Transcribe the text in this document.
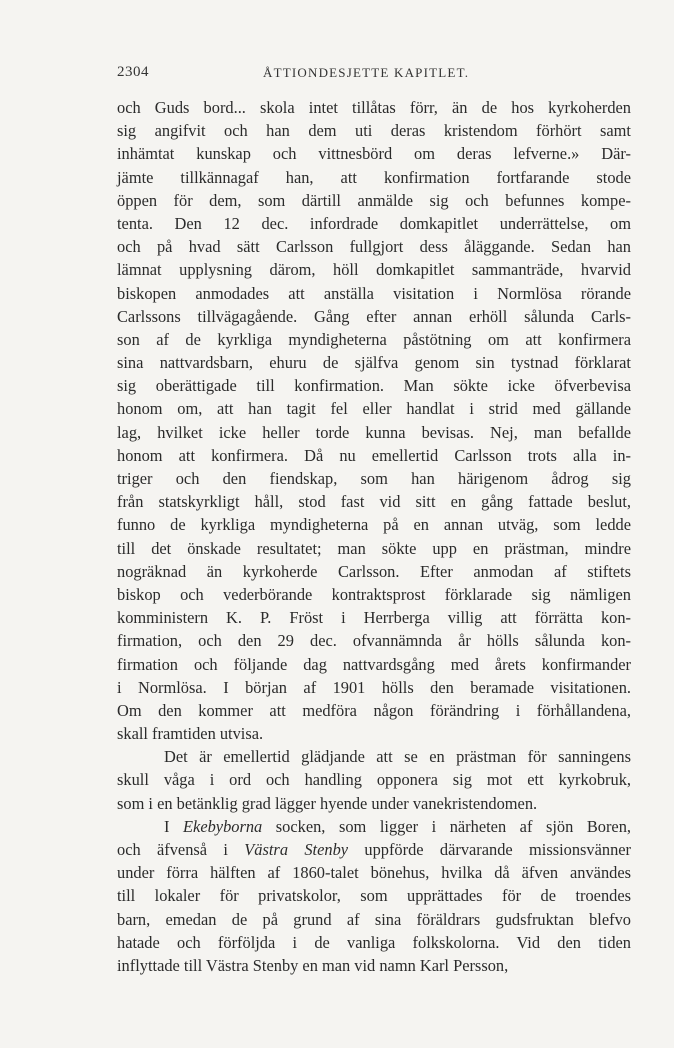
2304	ÅTTIONDESJETTE KAPITLET.
och Guds bord... skola intet tillåtas förr, än de hos kyrkoherden
sig angifvit och han dem uti deras kristendom förhört samt
inhämtat kunskap och vittnesbörd om deras lefverne.» Där-
jämte tillkännagaf han, att konfirmation fortfarande stode
öppen för dem, som därtill anmälde sig och befunnes kompe-
tenta. Den 12 dec. infordrade domkapitlet underrättelse, om
och på hvad sätt Carlsson fullgjort dess åläggande. Sedan han
lämnat upplysning därom, höll domkapitlet sammanträde, hvarvid
biskopen anmodades att anställa visitation i Normlösa rörande
Carlssons tillvägagående. Gång efter annan erhöll sålunda Carls-
son af de kyrkliga myndigheterna påstötning om att konfirmera
sina nattvardsbarn, ehuru de själfva genom sin tystnad förklarat
sig oberättigade till konfirmation. Man sökte icke öfverbevisa
honom om, att han tagit fel eller handlat i strid med gällande
lag, hvilket icke heller torde kunna bevisas. Nej, man befallde
honom att konfirmera. Då nu emellertid Carlsson trots alla in-
triger och den fiendskap, som han härigenom ådrog sig
från statskyrkligt håll, stod fast vid sitt en gång fattade beslut,
funno de kyrkliga myndigheterna på en annan utväg, som ledde
till det önskade resultatet; man sökte upp en prästman, mindre
nogräknad än kyrkoherde Carlsson. Efter anmodan af stiftets
biskop och vederbörande kontraktsprost förklarade sig nämligen
komministern K. P. Fröst i Herrberga villig att förrätta kon-
firmation, och den 29 dec. ofvannämnda år hölls sålunda kon-
firmation och följande dag nattvardsgång med årets konfirmander
i Normlösa. I början af 1901 hölls den beramade visitationen.
Om den kommer att medföra någon förändring i förhållandena,
skall framtiden utvisa.
Det är emellertid glädjande att se en prästman för sanningens
skull våga i ord och handling opponera sig mot ett kyrkobruk,
som i en betänklig grad lägger hyende under vanekristendomen.
I Ekebyborna socken, som ligger i närheten af sjön Boren,
och äfvenså i Västra Stenby uppförde därvarande missionsvänner
under förra hälften af 1860-talet bönehus, hvilka då äfven användes
till lokaler för privatskolor, som upprättades för de troendes
barn, emedan de på grund af sina föräldrars gudsfruktan blefvo
hatade och förföljda i de vanliga folkskolorna. Vid den tiden
inflyttade till Västra Stenby en man vid namn Karl Persson,
